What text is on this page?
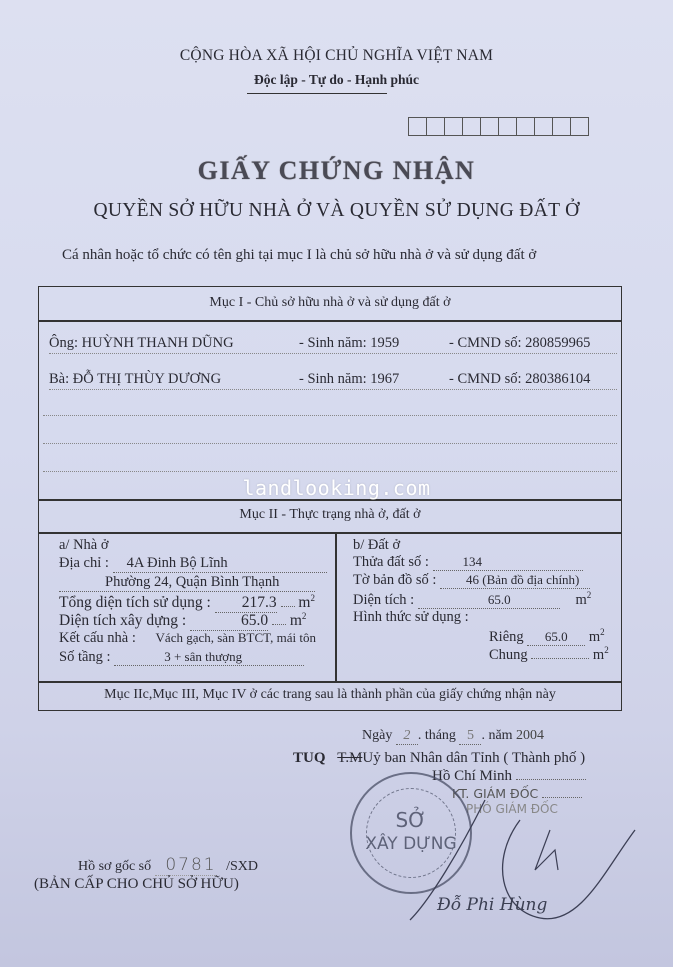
CỘNG HÒA XÃ HỘI CHỦ NGHĨA VIỆT NAM
Độc lập - Tự do - Hạnh phúc
GIẤY CHỨNG NHẬN
QUYỀN SỞ HỮU NHÀ Ở VÀ QUYỀN SỬ DỤNG ĐẤT Ở
Cá nhân hoặc tổ chức có tên ghi tại mục I là chủ sở hữu nhà ở và sử dụng đất ở
Mục I - Chủ sở hữu nhà ở và sử dụng đất ở
Ông: HUỲNH THANH DŨNG	- Sinh năm: 1959	- CMND số: 280859965
Bà: ĐỖ THỊ THÙY DƯƠNG	- Sinh năm: 1967	- CMND số: 280386104
Mục II - Thực trạng nhà ở, đất ở
a/ Nhà ở
Địa chỉ : 4A Đinh Bộ Lĩnh
Phường 24, Quận Bình Thạnh
Tổng diện tích sử dụng : 217.3 $m^2$
Diện tích xây dựng :	65.0 $m^2$
Kết cấu nhà : Vách gạch, sàn BTCT, mái tôn
Số tầng :	3 + sân thượng
b/ Đất ở
Thửa đất số :	134
Tờ bản đồ số : 46 (Bản đồ địa chính)
Diện tích :	65.0	$m^2$
Hình thức sử dụng :
Riêng 65.0 $m^2$
Chung	$m^2$
Mục IIc,Mục III, Mục IV ở các trang sau là thành phần của giấy chứng nhận này
landlooking.com
Ngày 2 . tháng 5 . năm 2004
TUQ T.MUỷ ban Nhân dân Tỉnh ( Thành phố )
Hồ Chí Minh
KT. GIÁM ĐỐC
PHÓ GIÁM ĐỐC
SỞ
XÂY DỰNG
Đỗ Phi Hùng
Hồ sơ gốc số 0781 /SXD
(BẢN CẤP CHO CHỦ SỞ HỮU)
